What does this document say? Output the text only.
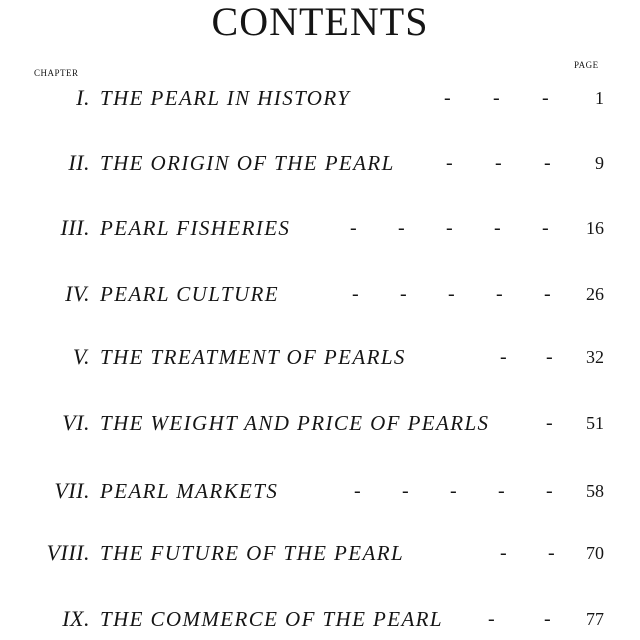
CONTENTS
CHAPTER
PAGE
I. THE PEARL IN HISTORY	- - -	1
II. THE ORIGIN OF THE PEARL	- - - 9
III. PEARL FISHERIES	- - - - - 16
IV. PEARL CULTURE	- - - - - 26
V. THE TREATMENT OF PEARLS	- - 32
VI. THE WEIGHT AND PRICE OF PEARLS	- 51
VII. PEARL MARKETS	- - - - - 58
VIII. THE FUTURE OF THE PEARL	- - 70
IX. THE COMMERCE OF THE PEARL - - 77
